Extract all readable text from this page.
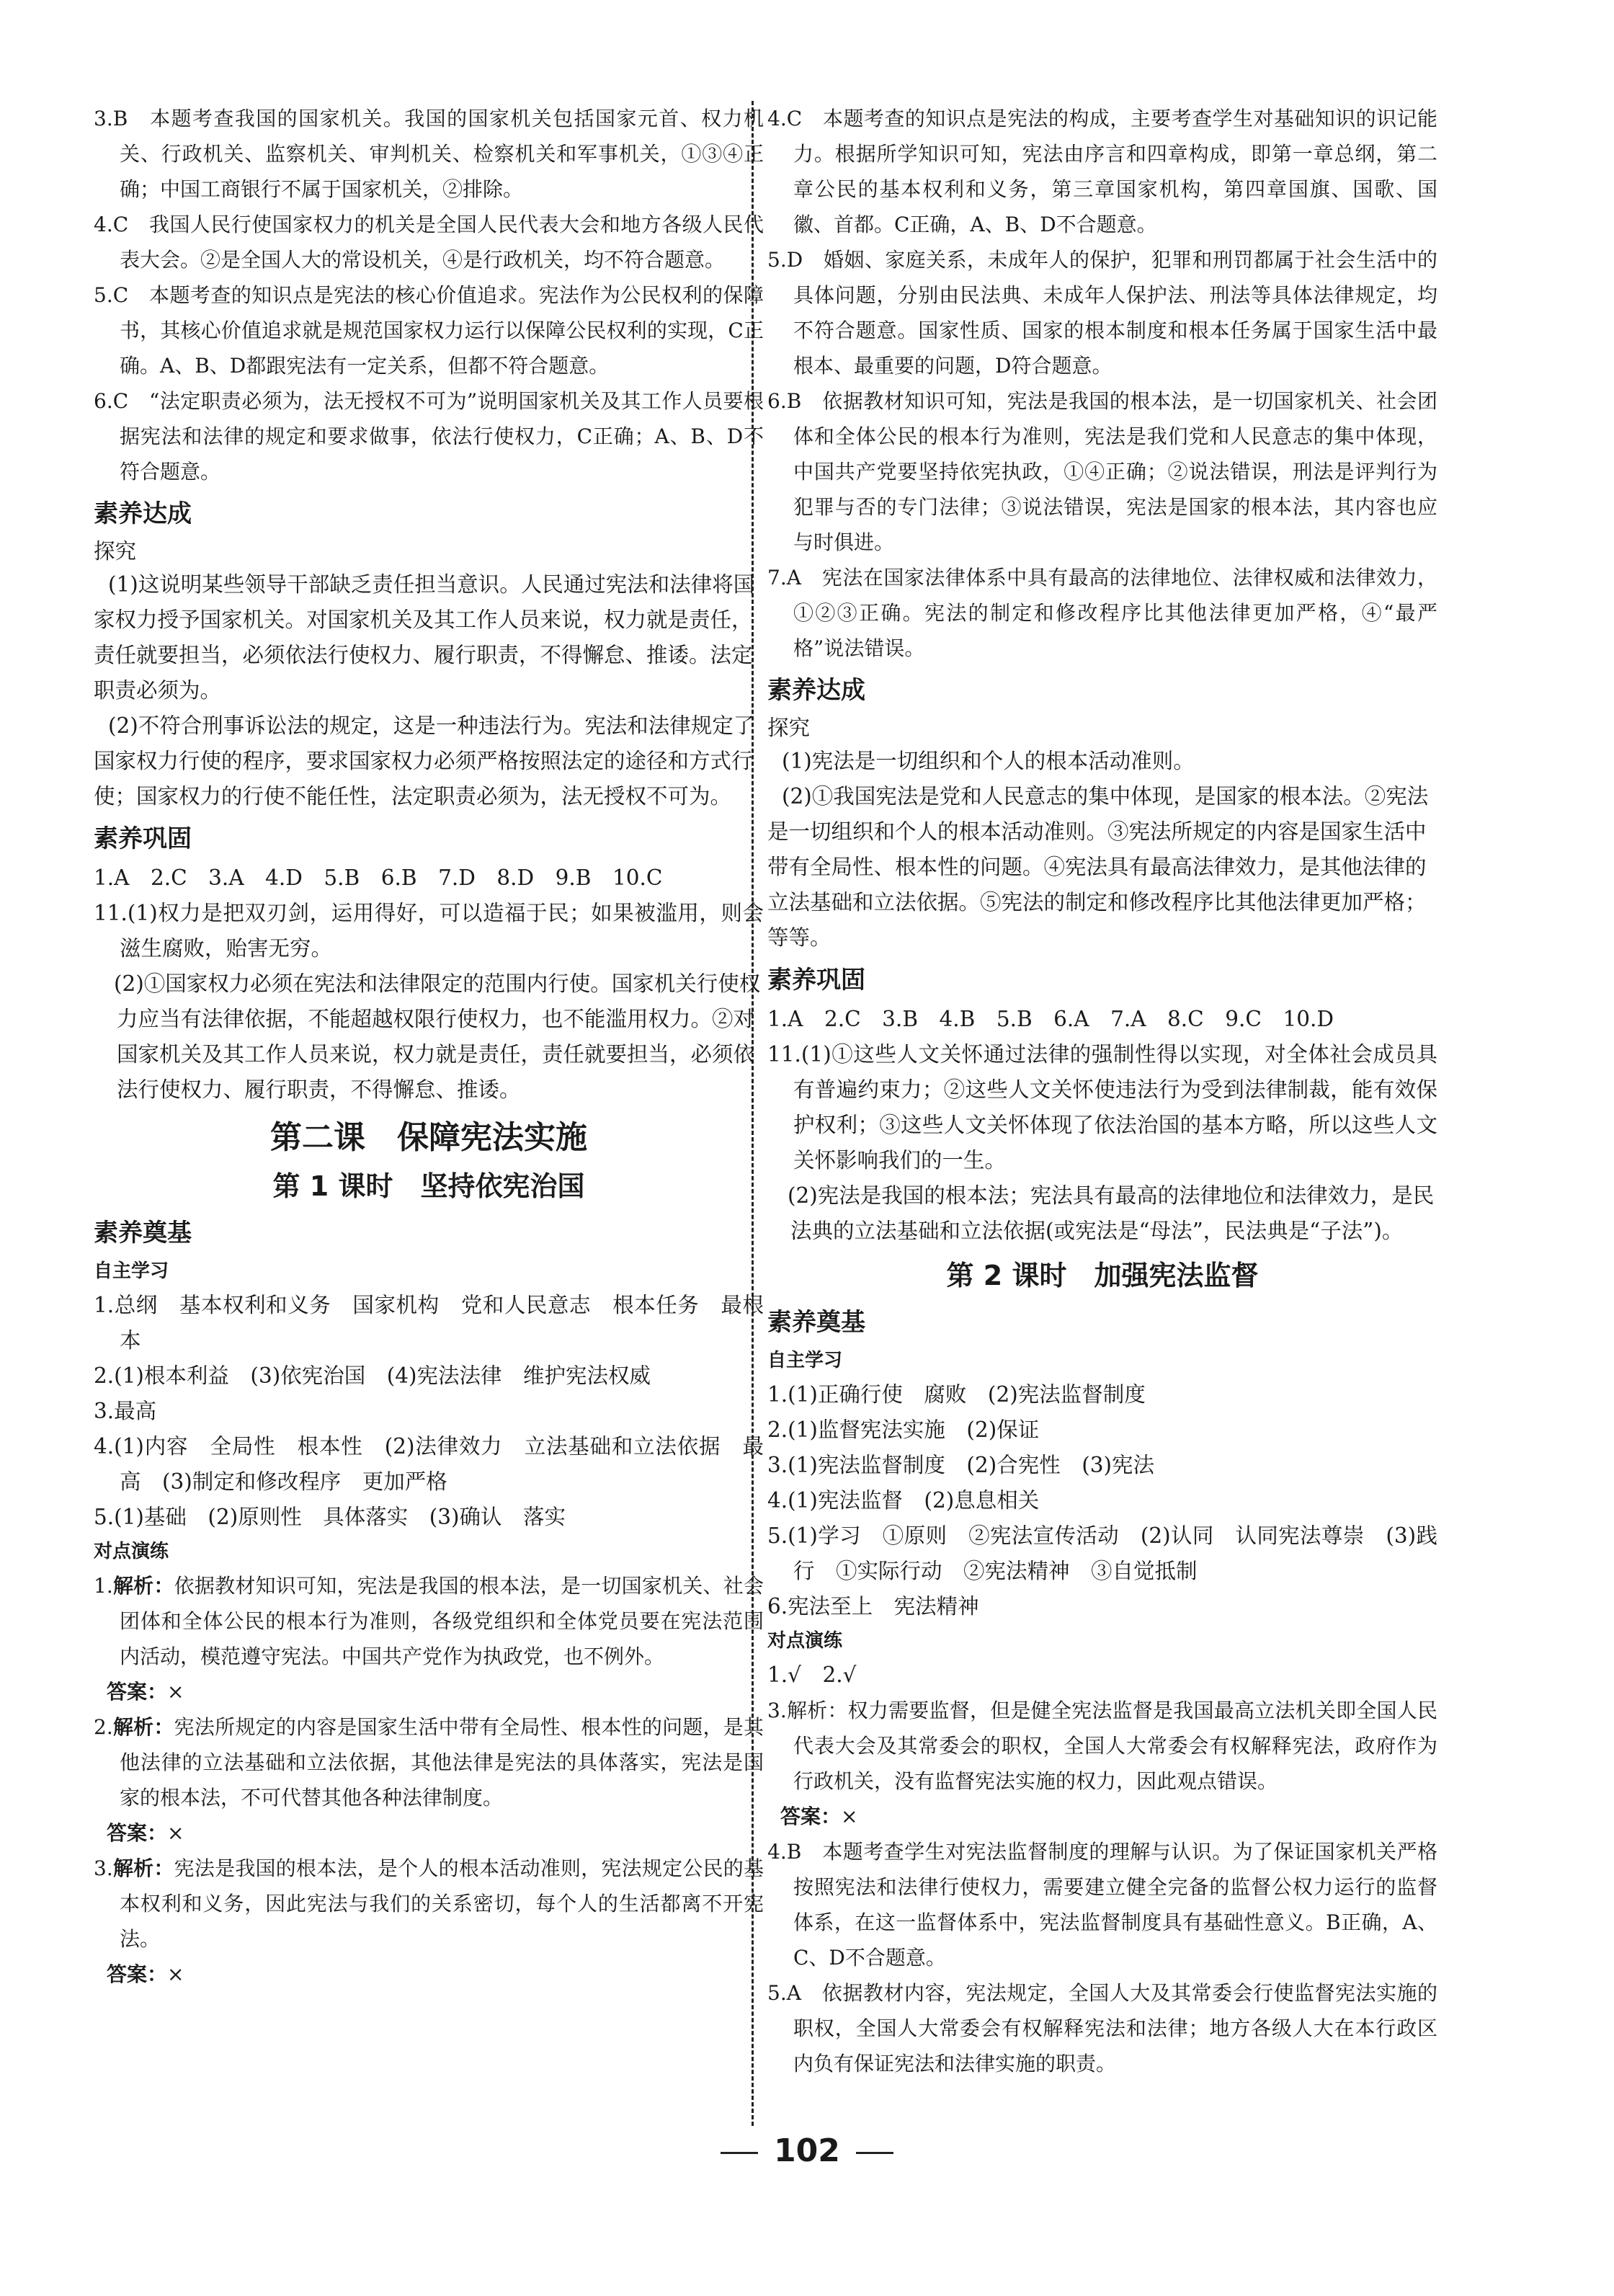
3.B　本题考查我国的国家机关。我国的国家机关包括国家元首、权力机关、行政机关、监察机关、审判机关、检察机关和军事机关，①③④正确；中国工商银行不属于国家机关，②排除。

4.C　我国人民行使国家权力的机关是全国人民代表大会和地方各级人民代表大会。②是全国人大的常设机关，④是行政机关，均不符合题意。

5.C　本题考查的知识点是宪法的核心价值追求。宪法作为公民权利的保障书，其核心价值追求就是规范国家权力运行以保障公民权利的实现，C正确。A、B、D都跟宪法有一定关系，但都不符合题意。

6.C　“法定职责必须为，法无授权不可为”说明国家机关及其工作人员要根据宪法和法律的规定和要求做事，依法行使权力，C正确；A、B、D不符合题意。

素养达成

探究

(1)这说明某些领导干部缺乏责任担当意识。人民通过宪法和法律将国家权力授予国家机关。对国家机关及其工作人员来说，权力就是责任，责任就要担当，必须依法行使权力、履行职责，不得懈怠、推诿。法定职责必须为。

(2)不符合刑事诉讼法的规定，这是一种违法行为。宪法和法律规定了国家权力行使的程序，要求国家权力必须严格按照法定的途径和方式行使；国家权力的行使不能任性，法定职责必须为，法无授权不可为。

素养巩固

1.A　2.C　3.A　4.D　5.B　6.B　7.D　8.D　9.B　10.C

11.(1)权力是把双刃剑，运用得好，可以造福于民；如果被滥用，则会滋生腐败，贻害无穷。

(2)①国家权力必须在宪法和法律限定的范围内行使。国家机关行使权力应当有法律依据，不能超越权限行使权力，也不能滥用权力。②对国家机关及其工作人员来说，权力就是责任，责任就要担当，必须依法行使权力、履行职责，不得懈怠、推诿。

第二课　保障宪法实施

第 1 课时　坚持依宪治国

素养奠基

自主学习

1.总纲　基本权利和义务　国家机构　党和人民意志　根本任务　最根本

2.(1)根本利益　(3)依宪治国　(4)宪法法律　维护宪法权威

3.最高

4.(1)内容　全局性　根本性　(2)法律效力　立法基础和立法依据　最高　(3)制定和修改程序　更加严格

5.(1)基础　(2)原则性　具体落实　(3)确认　落实

对点演练

1.解析：依据教材知识可知，宪法是我国的根本法，是一切国家机关、社会团体和全体公民的根本行为准则，各级党组织和全体党员要在宪法范围内活动，模范遵守宪法。中国共产党作为执政党，也不例外。

答案：×

2.解析：宪法所规定的内容是国家生活中带有全局性、根本性的问题，是其他法律的立法基础和立法依据，其他法律是宪法的具体落实，宪法是国家的根本法，不可代替其他各种法律制度。

答案：×

3.解析：宪法是我国的根本法，是个人的根本活动准则，宪法规定公民的基本权利和义务，因此宪法与我们的关系密切，每个人的生活都离不开宪法。

答案：×

4.C　本题考查的知识点是宪法的构成，主要考查学生对基础知识的识记能力。根据所学知识可知，宪法由序言和四章构成，即第一章总纲，第二章公民的基本权利和义务，第三章国家机构，第四章国旗、国歌、国徽、首都。C正确，A、B、D不合题意。

5.D　婚姻、家庭关系，未成年人的保护，犯罪和刑罚都属于社会生活中的具体问题，分别由民法典、未成年人保护法、刑法等具体法律规定，均不符合题意。国家性质、国家的根本制度和根本任务属于国家生活中最根本、最重要的问题，D符合题意。

6.B　依据教材知识可知，宪法是我国的根本法，是一切国家机关、社会团体和全体公民的根本行为准则，宪法是我们党和人民意志的集中体现，中国共产党要坚持依宪执政，①④正确；②说法错误，刑法是评判行为犯罪与否的专门法律；③说法错误，宪法是国家的根本法，其内容也应与时俱进。

7.A　宪法在国家法律体系中具有最高的法律地位、法律权威和法律效力，①②③正确。宪法的制定和修改程序比其他法律更加严格，④“最严格”说法错误。

素养达成

探究

(1)宪法是一切组织和个人的根本活动准则。

(2)①我国宪法是党和人民意志的集中体现，是国家的根本法。②宪法是一切组织和个人的根本活动准则。③宪法所规定的内容是国家生活中带有全局性、根本性的问题。④宪法具有最高法律效力，是其他法律的立法基础和立法依据。⑤宪法的制定和修改程序比其他法律更加严格；等等。

素养巩固

1.A　2.C　3.B　4.B　5.B　6.A　7.A　8.C　9.C　10.D

11.(1)①这些人文关怀通过法律的强制性得以实现，对全体社会成员具有普遍约束力；②这些人文关怀使违法行为受到法律制裁，能有效保护权利；③这些人文关怀体现了依法治国的基本方略，所以这些人文关怀影响我们的一生。

(2)宪法是我国的根本法；宪法具有最高的法律地位和法律效力，是民法典的立法基础和立法依据(或宪法是“母法”，民法典是“子法”)。

第 2 课时　加强宪法监督

素养奠基

自主学习

1.(1)正确行使　腐败　(2)宪法监督制度

2.(1)监督宪法实施　(2)保证

3.(1)宪法监督制度　(2)合宪性　(3)宪法

4.(1)宪法监督　(2)息息相关

5.(1)学习　①原则　②宪法宣传活动　(2)认同　认同宪法尊崇　(3)践行　①实际行动　②宪法精神　③自觉抵制

6.宪法至上　宪法精神

对点演练

1.√　2.√

3.解析：权力需要监督，但是健全宪法监督是我国最高立法机关即全国人民代表大会及其常委会的职权，全国人大常委会有权解释宪法，政府作为行政机关，没有监督宪法实施的权力，因此观点错误。

答案：×

4.B　本题考查学生对宪法监督制度的理解与认识。为了保证国家机关严格按照宪法和法律行使权力，需要建立健全完备的监督公权力运行的监督体系，在这一监督体系中，宪法监督制度具有基础性意义。B正确，A、C、D不合题意。

5.A　依据教材内容，宪法规定，全国人大及其常委会行使监督宪法实施的职权，全国人大常委会有权解释宪法和法律；地方各级人大在本行政区内负有保证宪法和法律实施的职责。

102
